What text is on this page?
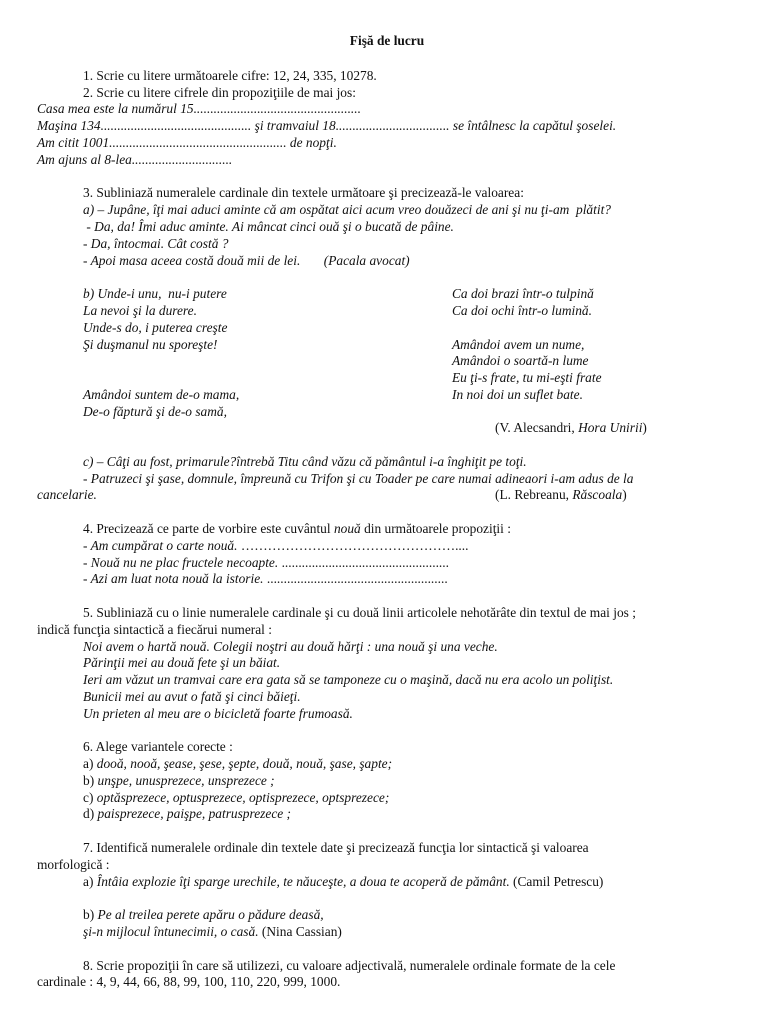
Fişă de lucru
1. Scrie cu litere următoarele cifre: 12, 24, 335, 10278.
2. Scrie cu litere cifrele din propoziţiile de mai jos:
Casa mea este la numărul 15..................................................
Maşina 134............................................. şi tramvaiul 18.................................. se întâlnesc la capătul şoselei.
Am citit 1001..................................................... de nopţi.
Am ajuns al 8-lea..............................
3. Subliniază numeralele cardinale din textele următoare şi precizează-le valoarea:
a) – Jupâne, îţi mai aduci aminte că am ospătat aici acum vreo douăzeci de ani şi nu ţi-am  plătit?
- Da, da! Îmi aduc aminte. Ai mâncat cinci ouă şi o bucată de pâine.
- Da, întocmai. Cât costă ?
- Apoi masa aceea costă două mii de lei.       (Pacala avocat)
b) Unde-i unu,  nu-i putere
La nevoi şi la durere.
Unde-s do, i puterea creşte
Şi duşmanul nu sporeşte!
Amândoi suntem de-o mama,
De-o făptură şi de-o samă,
Ca doi brazi într-o tulpină
Ca doi ochi într-o lumină.
Amândoi avem un nume,
Amândoi o soartă-n lume
Eu ţi-s frate, tu mi-eşti frate
In noi doi un suflet bate.
(V. Alecsandri, Hora Unirii)
c) – Câţi au fost, primarule?întrebă Titu când văzu că pământul i-a înghiţit pe toţi.
- Patruzeci şi şase, domnule, împreună cu Trifon şi cu Toader pe care numai adineaori i-am adus de la
cancelarie.	(L. Rebreanu, Răscoala)
4. Precizează ce parte de vorbire este cuvântul nouă din următoarele propoziţii :
- Am cumpărat o carte nouă. …………………………………………....
- Nouă nu ne plac fructele necoapte. ..................................................
- Azi am luat nota nouă la istorie. ......................................................
5. Subliniază cu o linie numeralele cardinale şi cu două linii articolele nehotărâte din textul de mai jos ;
indică funcţia sintactică a fiecărui numeral :
Noi avem o hartă nouă. Colegii noştri au două hărţi : una nouă şi una veche.
Părinţii mei au două fete şi un băiat.
Ieri am văzut un tramvai care era gata să se tamponeze cu o maşină, dacă nu era acolo un poliţist.
Bunicii mei au avut o fată şi cinci băieţi.
Un prieten al meu are o bicicletă foarte frumoasă.
6. Alege variantele corecte :
a) dooă, nooă, şease, şese, şepte, două, nouă, şase, şapte;
b) unşpe, unusprezece, unsprezece ;
c) optăsprezece, optusprezece, optisprezece, optsprezece;
d) paisprezece, paişpe, patrusprezece ;
7. Identifică numeralele ordinale din textele date şi precizează funcţia lor sintactică şi valoarea
morfologică :
a) Întâia explozie îţi sparge urechile, te năuceşte, a doua te acoperă de pământ. (Camil Petrescu)
b) Pe al treilea perete apăru o pădure deasă,
şi-n mijlocul întunecimii, o casă. (Nina Cassian)
8. Scrie propoziţii în care să utilizezi, cu valoare adjectivală, numeralele ordinale formate de la cele
cardinale : 4, 9, 44, 66, 88, 99, 100, 110, 220, 999, 1000.
